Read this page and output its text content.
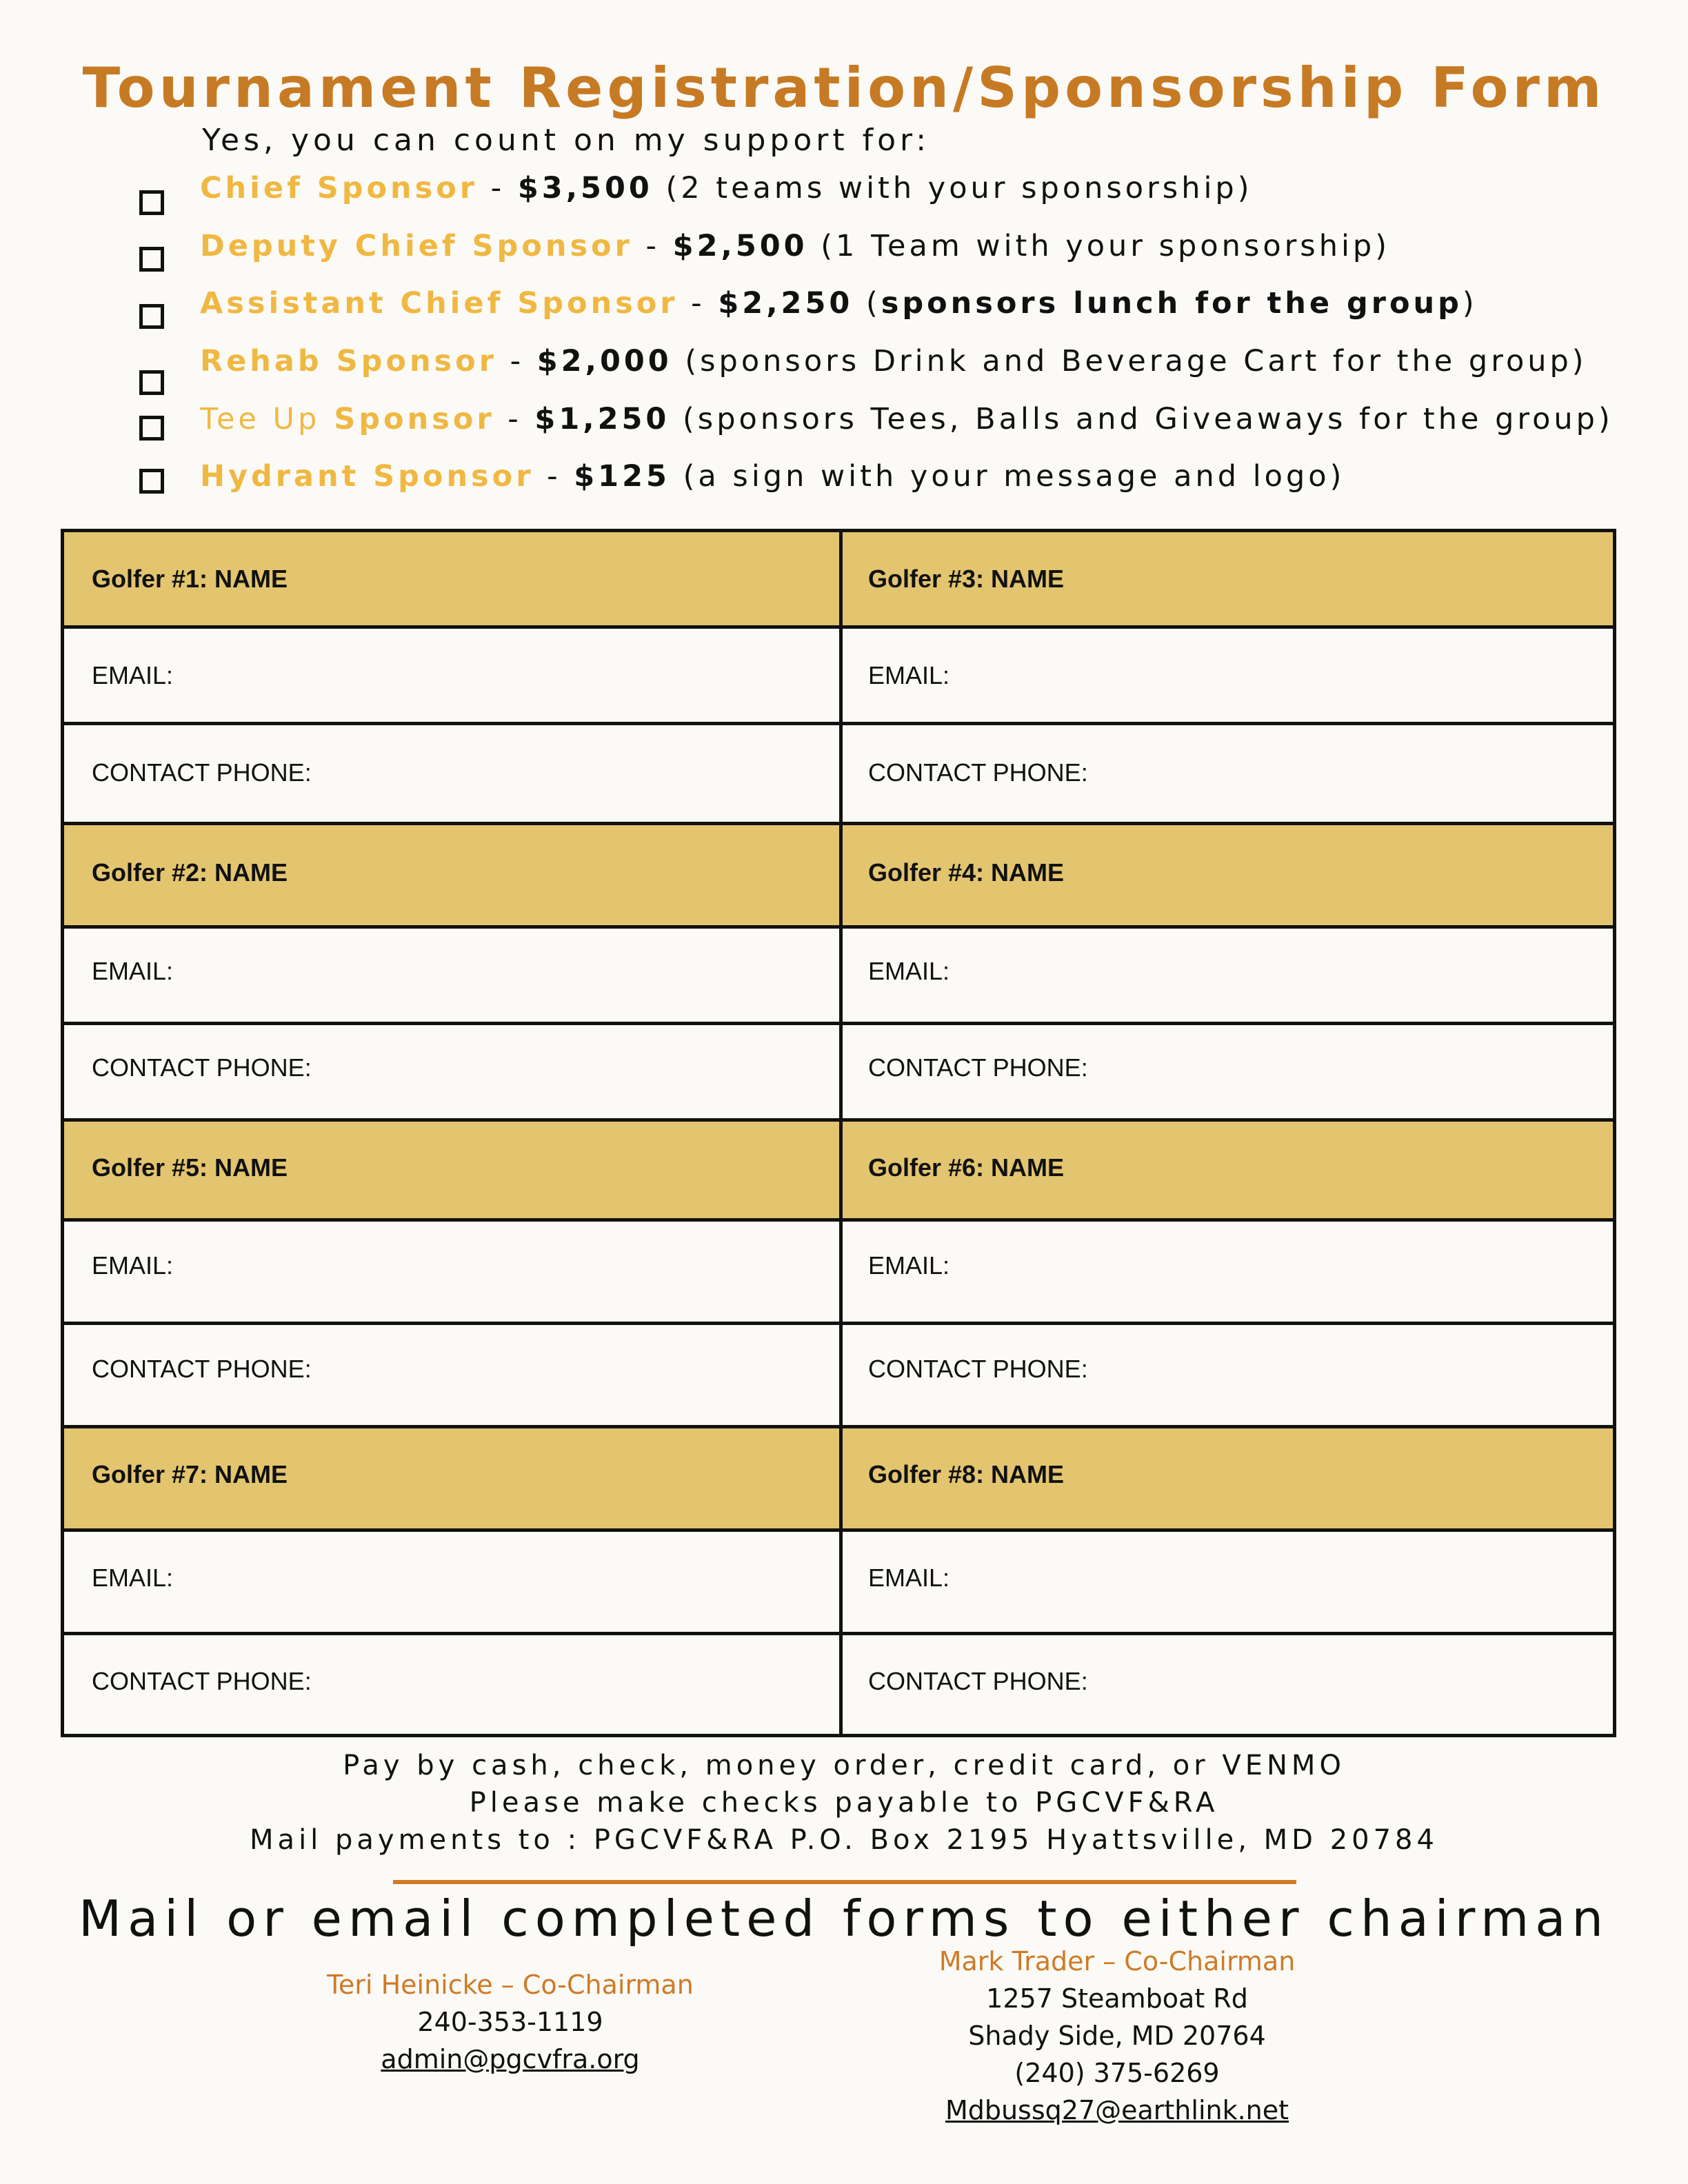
Tournament Registration/Sponsorship Form
Yes, you can count on my support for:
Chief Sponsor - $3,500 (2 teams with your sponsorship)
Deputy Chief Sponsor - $2,500 (1 Team with your sponsorship)
Assistant Chief Sponsor - $2,250 (sponsors lunch for the group)
Rehab Sponsor - $2,000 (sponsors Drink and Beverage Cart for the group)
Tee Up Sponsor - $1,250 (sponsors Tees, Balls and Giveaways for the group)
Hydrant Sponsor - $125 (a sign with your message and logo)
Golfer #1: NAME	Golfer #3: NAME
EMAIL:	EMAIL:
CONTACT PHONE:	CONTACT PHONE:
Golfer #2: NAME	Golfer #4: NAME
EMAIL:	EMAIL:
CONTACT PHONE:	CONTACT PHONE:
Golfer #5: NAME	Golfer #6: NAME
EMAIL:	EMAIL:
CONTACT PHONE:	CONTACT PHONE:
Golfer #7: NAME	Golfer #8: NAME
EMAIL:	EMAIL:
CONTACT PHONE:	CONTACT PHONE:
Pay by cash, check, money order, credit card, or VENMO
Please make checks payable to PGCVF&RA
Mail payments to : PGCVF&RA P.O. Box 2195 Hyattsville, MD 20784
Mail or email completed forms to either chairman
Teri Heinicke – Co-Chairman
240-353-1119
admin@pgcvfra.org
Mark Trader – Co-Chairman
1257 Steamboat Rd
Shady Side, MD 20764
(240) 375-6269
Mdbussq27@earthlink.net
